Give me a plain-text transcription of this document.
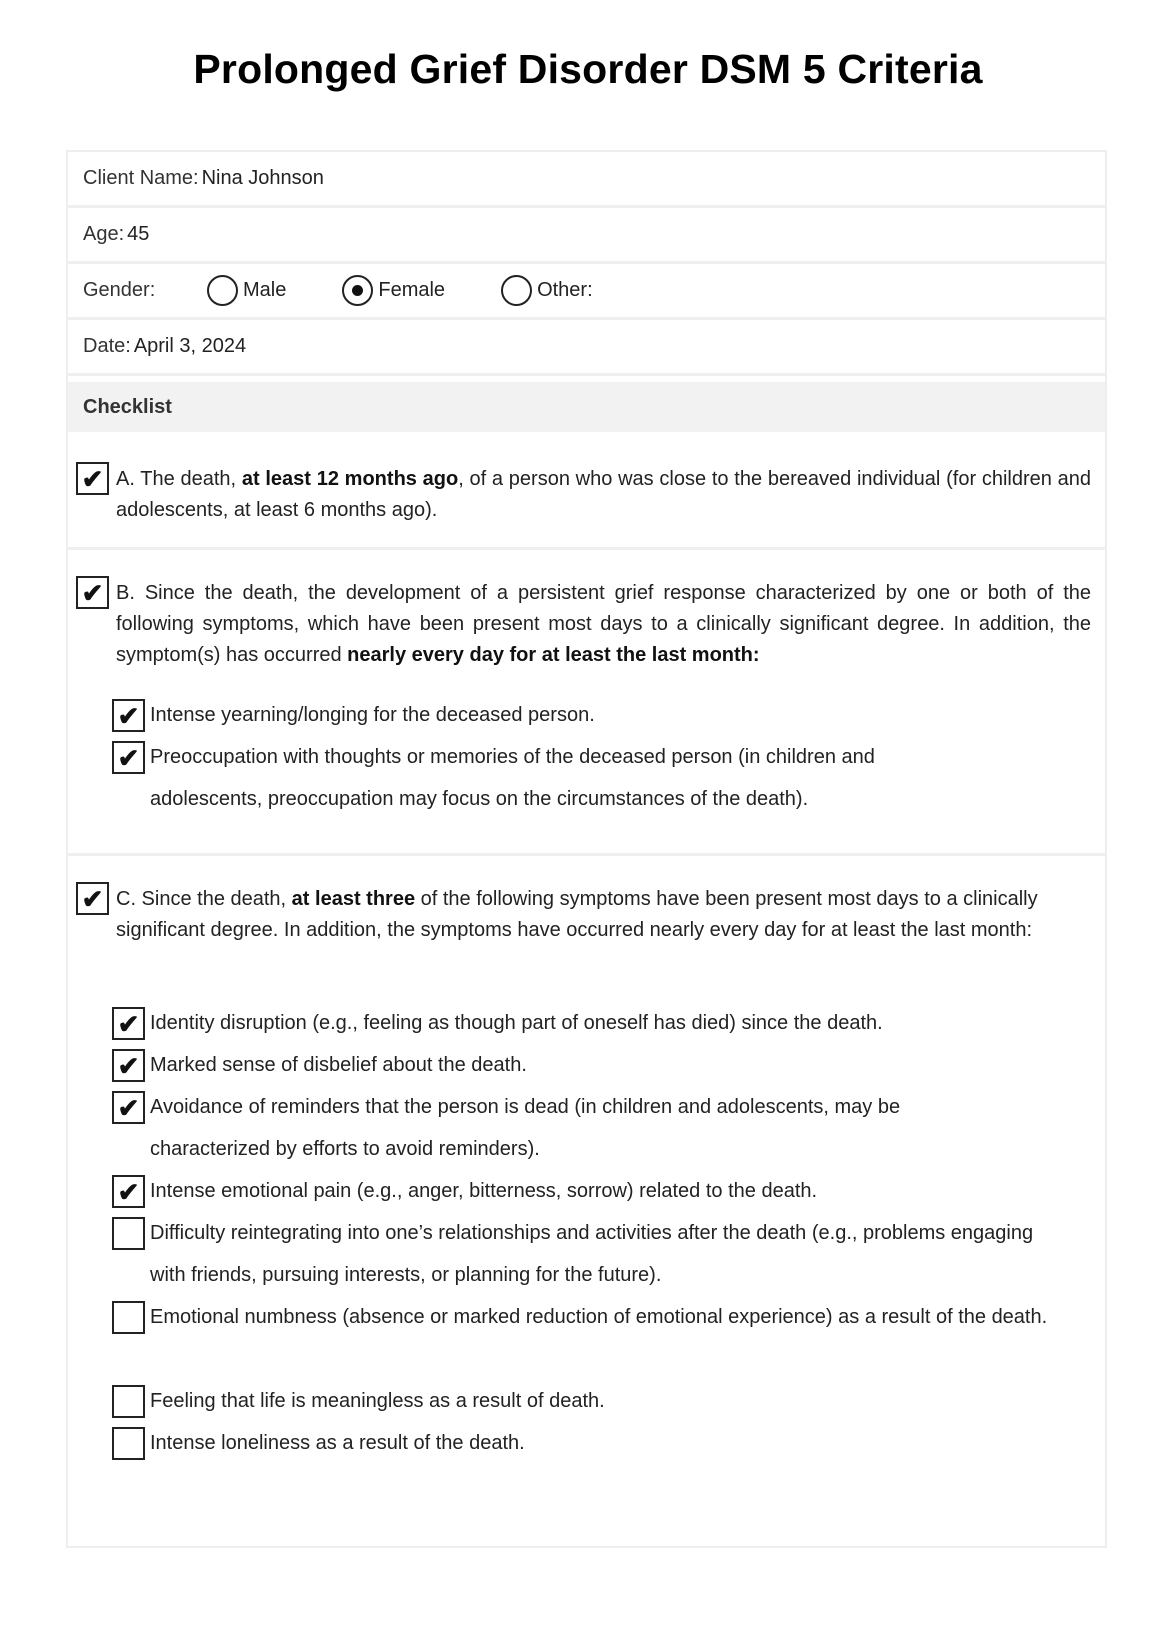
Prolonged Grief Disorder DSM 5 Criteria
Client Name: Nina Johnson
Age: 45
Gender:	Male	Female	Other:
Date: April 3, 2024
Checklist
✔ A. The death, at least 12 months ago, of a person who was close to the bereaved individual (for children and adolescents, at least 6 months ago).
✔ B. Since the death, the development of a persistent grief response characterized by one or both of the following symptoms, which have been present most days to a clinically significant degree. In addition, the symptom(s) has occurred nearly every day for at least the last month:
✔ Intense yearning/longing for the deceased person.
✔ Preoccupation with thoughts or memories of the deceased person (in children and adolescents, preoccupation may focus on the circumstances of the death).
✔ C. Since the death, at least three of the following symptoms have been present most days to a clinically significant degree. In addition, the symptoms have occurred nearly every day for at least the last month:
✔ Identity disruption (e.g., feeling as though part of oneself has died) since the death.
✔ Marked sense of disbelief about the death.
✔ Avoidance of reminders that the person is dead (in children and adolescents, may be characterized by efforts to avoid reminders).
✔ Intense emotional pain (e.g., anger, bitterness, sorrow) related to the death.
Difficulty reintegrating into one’s relationships and activities after the death (e.g., problems engaging with friends, pursuing interests, or planning for the future).
Emotional numbness (absence or marked reduction of emotional experience) as a result of the death.
Feeling that life is meaningless as a result of death.
Intense loneliness as a result of the death.
